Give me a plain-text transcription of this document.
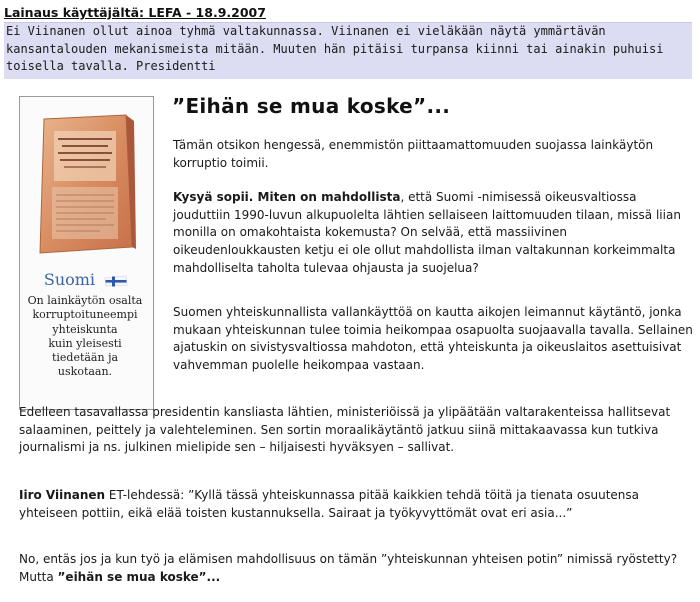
Lainaus käyttäjältä: LEFA - 18.9.2007
Ei Viinanen ollut ainoa tyhmä valtakunnassa. Viinanen ei vieläkään näytä ymmärtävän
kansantalouden mekanismeista mitään. Muuten hän pitäisi turpansa kiinni tai ainakin puhuisi
toisella tavalla. Presidentti
Suomi
On lainkäytön osalta
korruptoituneempi
yhteiskunta
kuin yleisesti
tiedetään ja
uskotaan.
”Eihän se mua koske”...
Tämän otsikon hengessä, enemmistön piittaamattomuuden suojassa lainkäytön korruptio toimii.
Kysyä sopii. Miten on mahdollista, että Suomi -nimisessä oikeusvaltiossa jouduttiin 1990-luvun alkupuolelta lähtien sellaiseen laittomuuden tilaan, missä liian monilla on omakohtaista kokemusta? On selvää, että massiivinen oikeudenloukkausten ketju ei ole ollut mahdollista ilman valtakunnan korkeimmalta mahdolliselta taholta tulevaa ohjausta ja suojelua?
Suomen yhteiskunnallista vallankäyttöä on kautta aikojen leimannut käytäntö, jonka mukaan yhteiskunnan tulee toimia heikompaa osapuolta suojaavalla tavalla. Sellainen ajatuskin on sivistysvaltiossa mahdoton, että yhteiskunta ja oikeuslaitos asettuisivat vahvemman puolelle heikompaa vastaan.
Edelleen tasavallassa presidentin kansliasta lähtien, ministeriöissä ja ylipäätään valtarakenteissa hallitsevat salaaminen, peittely ja valehteleminen. Sen sortin moraalikäytäntö jatkuu siinä mittakaavassa kun tutkiva journalismi ja ns. julkinen mielipide sen – hiljaisesti hyväksyen – sallivat.
Iiro Viinanen ET-lehdessä: ”Kyllä tässä yhteiskunnassa pitää kaikkien tehdä töitä ja tienata osuutensa yhteiseen pottiin, eikä elää toisten kustannuksella. Sairaat ja työkyvyttömät ovat eri asia...”
No, entäs jos ja kun työ ja elämisen mahdollisuus on tämän ”yhteiskunnan yhteisen potin” nimissä ryöstetty? Mutta ”eihän se mua koske”...
